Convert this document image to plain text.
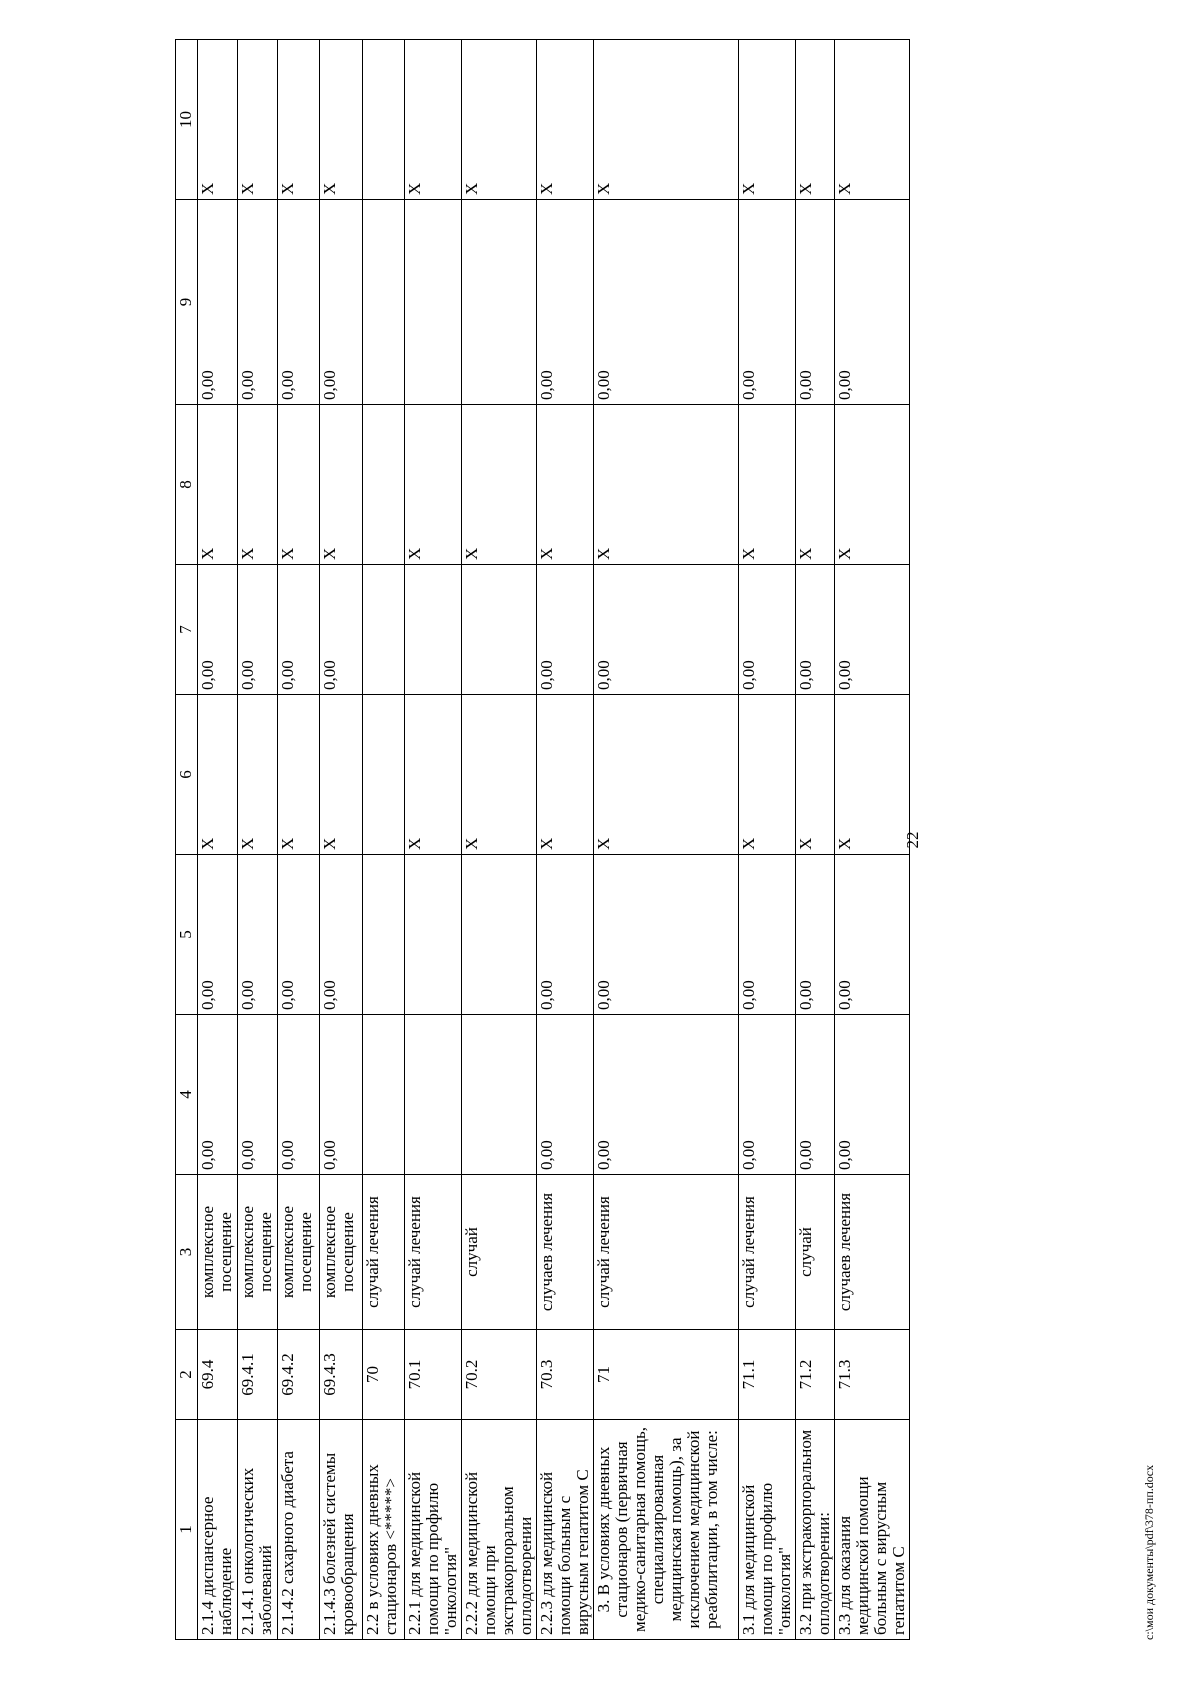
22
1	2	3	4	5	6	7	8	9	10
2.1.4 диспансерное наблюдение	69.4	комплексное посещение	0,00	0,00	Х	0,00	Х	0,00	Х
2.1.4.1 онкологических заболеваний	69.4.1	комплексное посещение	0,00	0,00	Х	0,00	Х	0,00	Х
2.1.4.2 сахарного диабета	69.4.2	комплексное посещение	0,00	0,00	Х	0,00	Х	0,00	Х
2.1.4.3 болезней системы кровообращения	69.4.3	комплексное посещение	0,00	0,00	Х	0,00	Х	0,00	Х
2.2 в условиях дневных стационаров <*****>	70	случай лечения							
2.2.1 для медицинской помощи по профилю "онкология"	70.1	случай лечения			Х		Х		Х
2.2.2 для медицинской помощи при экстракорпоральном оплодотворении	70.2	случай			Х		Х		Х
2.2.3 для медицинской помощи больным с вирусным гепатитом С	70.3	случаев лечения	0,00	0,00	Х	0,00	Х	0,00	Х
3. В условиях дневных стационаров (первичная медико-санитарная помощь, специализированная медицинская помощь), за исключением медицинской реабилитации, в том числе:	71	случай лечения	0,00	0,00	Х	0,00	Х	0,00	Х
3.1 для медицинской помощи по профилю "онкология"	71.1	случай лечения	0,00	0,00	Х	0,00	Х	0,00	Х
3.2 при экстракорпоральном оплодотворении:	71.2	случай	0,00	0,00	Х	0,00	Х	0,00	Х
3.3 для оказания медицинской помощи больным с вирусным гепатитом С	71.3	случаев лечения	0,00	0,00	Х	0,00	Х	0,00	Х
c:\мои документы\pdf\378-пп.docx
